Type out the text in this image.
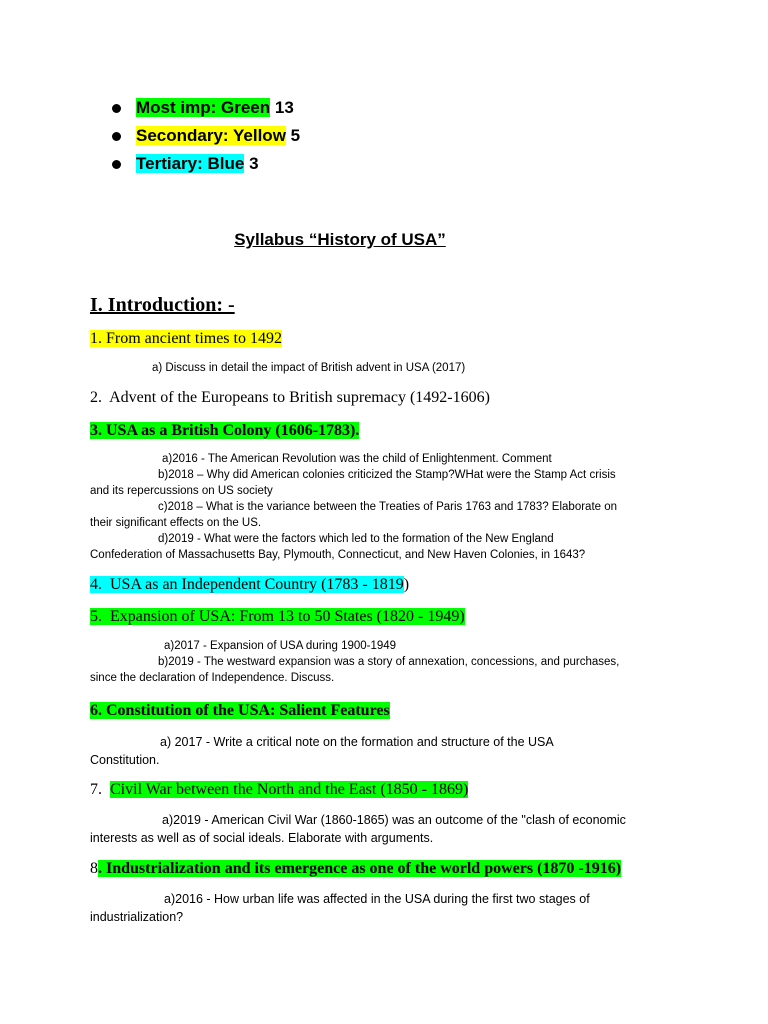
Most imp: Green 13
Secondary: Yellow 5
Tertiary: Blue 3
Syllabus “History of USA”
I. Introduction: -
1. From ancient times to 1492
a) Discuss in detail the impact of British advent in USA (2017)
2. Advent of the Europeans to British supremacy (1492-1606)
3. USA as a British Colony (1606-1783).
a)2016 - The American Revolution was the child of Enlightenment. Comment
b)2018 – Why did American colonies criticized the Stamp?WHat were the Stamp Act crisis
and its repercussions on US society
c)2018 – What is the variance between the Treaties of Paris 1763 and 1783? Elaborate on
their significant effects on the US.
d)2019 - What were the factors which led to the formation of the New England
Confederation of Massachusetts Bay, Plymouth, Connecticut, and New Haven Colonies, in 1643?
4. USA as an Independent Country (1783 - 1819)
5. Expansion of USA: From 13 to 50 States (1820 - 1949)
a)2017 - Expansion of USA during 1900-1949
b)2019 - The westward expansion was a story of annexation, concessions, and purchases,
since the declaration of Independence. Discuss.
6. Constitution of the USA: Salient Features
a) 2017 - Write a critical note on the formation and structure of the USA
Constitution.
7. Civil War between the North and the East (1850 - 1869)
a)2019 - American Civil War (1860-1865) was an outcome of the "clash of economic
interests as well as of social ideals. Elaborate with arguments.
8. Industrialization and its emergence as one of the world powers (1870 -1916)
a)2016 - How urban life was affected in the USA during the first two stages of
industrialization?
